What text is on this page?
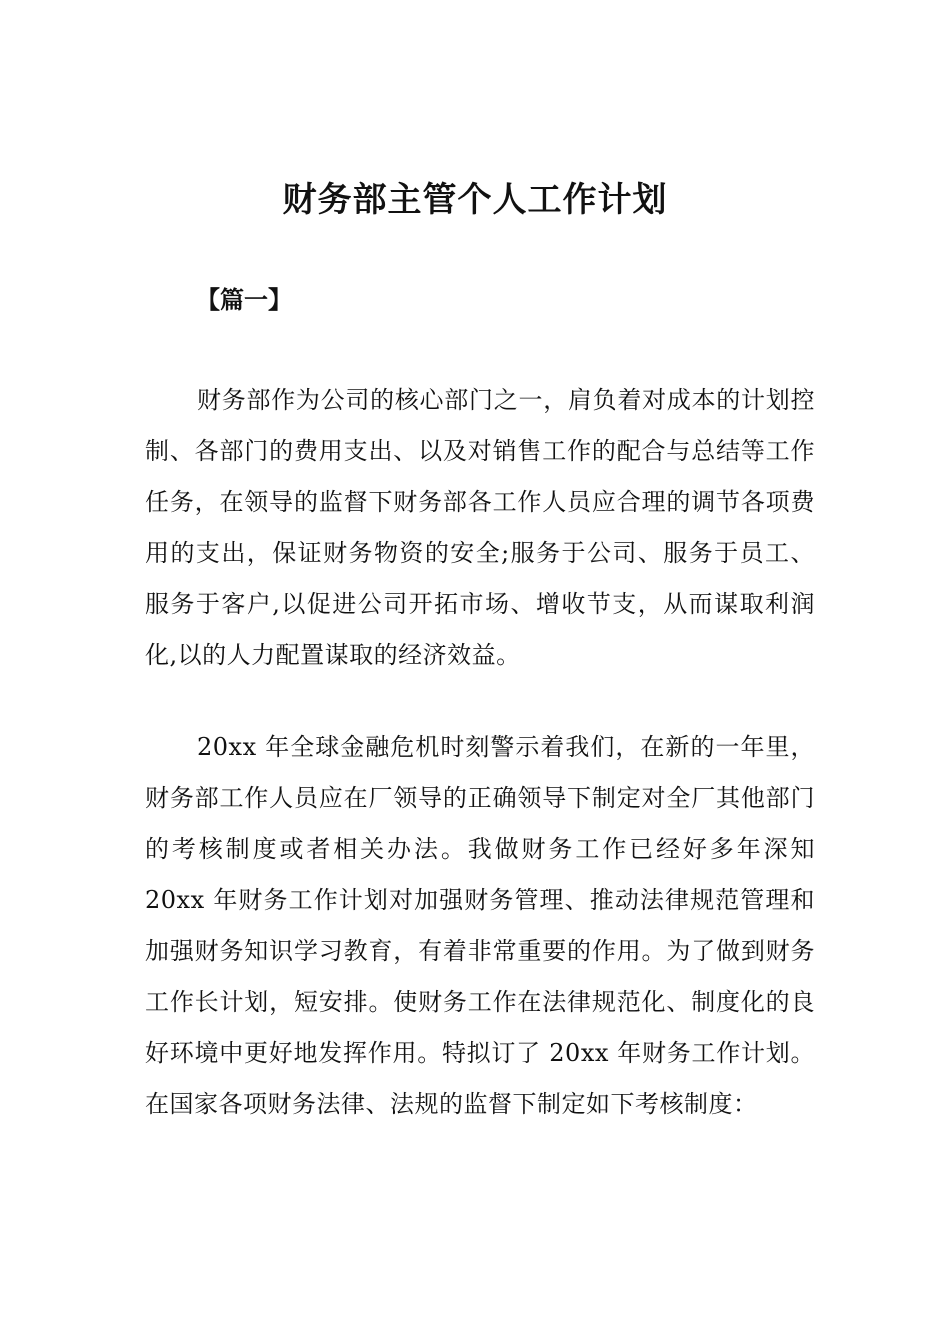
财务部主管个人工作计划

【篇一】

财务部作为公司的核心部门之一，肩负着对成本的计划控制、各部门的费用支出、以及对销售工作的配合与总结等工作任务，在领导的监督下财务部各工作人员应合理的调节各项费用的支出，保证财务物资的安全;服务于公司、服务于员工、服务于客户,以促进公司开拓市场、增收节支，从而谋取利润化,以的人力配置谋取的经济效益。

20xx 年全球金融危机时刻警示着我们，在新的一年里，财务部工作人员应在厂领导的正确领导下制定对全厂其他部门的考核制度或者相关办法。我做财务工作已经好多年深知 20xx 年财务工作计划对加强财务管理、推动法律规范管理和加强财务知识学习教育，有着非常重要的作用。为了做到财务工作长计划，短安排。使财务工作在法律规范化、制度化的良好环境中更好地发挥作用。特拟订了 20xx 年财务工作计划。在国家各项财务法律、法规的监督下制定如下考核制度：
